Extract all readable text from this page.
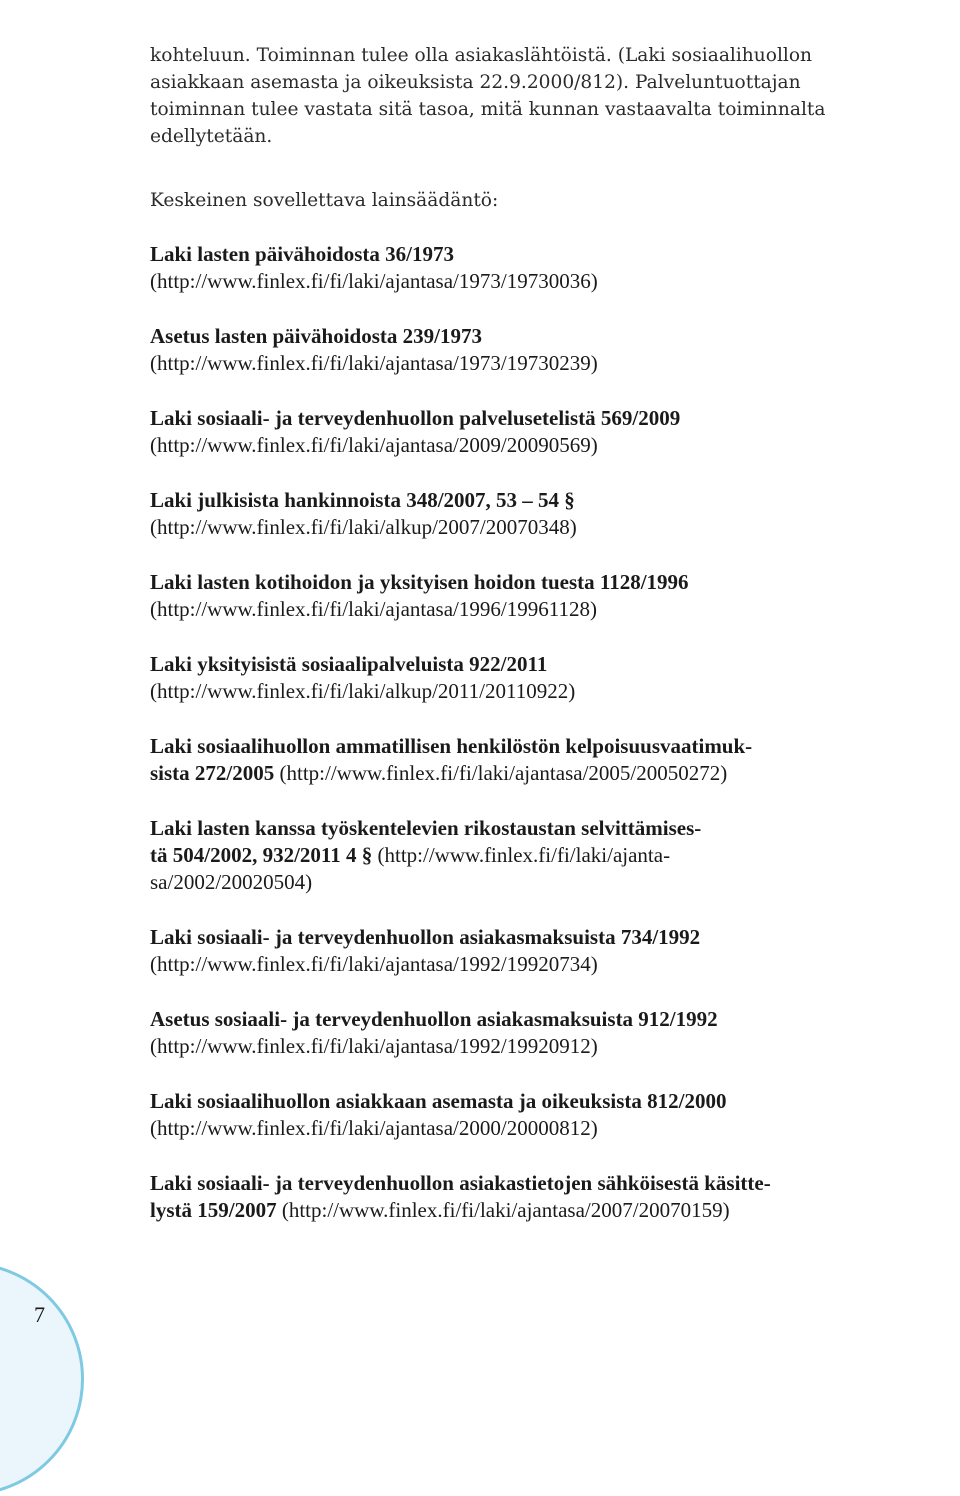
kohteluun. Toiminnan tulee olla asiakaslähtöistä. (Laki sosiaalihuollon

asiakkaan asemasta ja oikeuksista 22.9.2000/812). Palveluntuottajan

toiminnan tulee vastata sitä tasoa, mitä kunnan vastaavalta toiminnalta

edellytetään.

Keskeinen sovellettava lainsäädäntö:

Laki lasten päivähoidosta 36/1973

(http://www.finlex.fi/fi/laki/ajantasa/1973/19730036)

Asetus lasten päivähoidosta 239/1973

(http://www.finlex.fi/fi/laki/ajantasa/1973/19730239)

Laki sosiaali- ja terveydenhuollon palvelusetelistä 569/2009

(http://www.finlex.fi/fi/laki/ajantasa/2009/20090569)

Laki julkisista hankinnoista 348/2007, 53 – 54 §

(http://www.finlex.fi/fi/laki/alkup/2007/20070348)

Laki lasten kotihoidon ja yksityisen hoidon tuesta 1128/1996

(http://www.finlex.fi/fi/laki/ajantasa/1996/19961128)

Laki yksityisistä sosiaalipalveluista 922/2011

(http://www.finlex.fi/fi/laki/alkup/2011/20110922)

Laki sosiaalihuollon ammatillisen henkilöstön kelpoisuusvaatimuk-

sista 272/2005 (http://www.finlex.fi/fi/laki/ajantasa/2005/20050272)

Laki lasten kanssa työskentelevien rikostaustan selvittämises-

tä 504/2002, 932/2011 4 § (http://www.finlex.fi/fi/laki/ajanta-

sa/2002/20020504)

Laki sosiaali- ja terveydenhuollon asiakasmaksuista 734/1992

(http://www.finlex.fi/fi/laki/ajantasa/1992/19920734)

Asetus sosiaali- ja terveydenhuollon asiakasmaksuista 912/1992

(http://www.finlex.fi/fi/laki/ajantasa/1992/19920912)

Laki sosiaalihuollon asiakkaan asemasta ja oikeuksista 812/2000

(http://www.finlex.fi/fi/laki/ajantasa/2000/20000812)

Laki sosiaali- ja terveydenhuollon asiakastietojen sähköisestä käsitte-

lystä 159/2007 (http://www.finlex.fi/fi/laki/ajantasa/2007/20070159)

7
